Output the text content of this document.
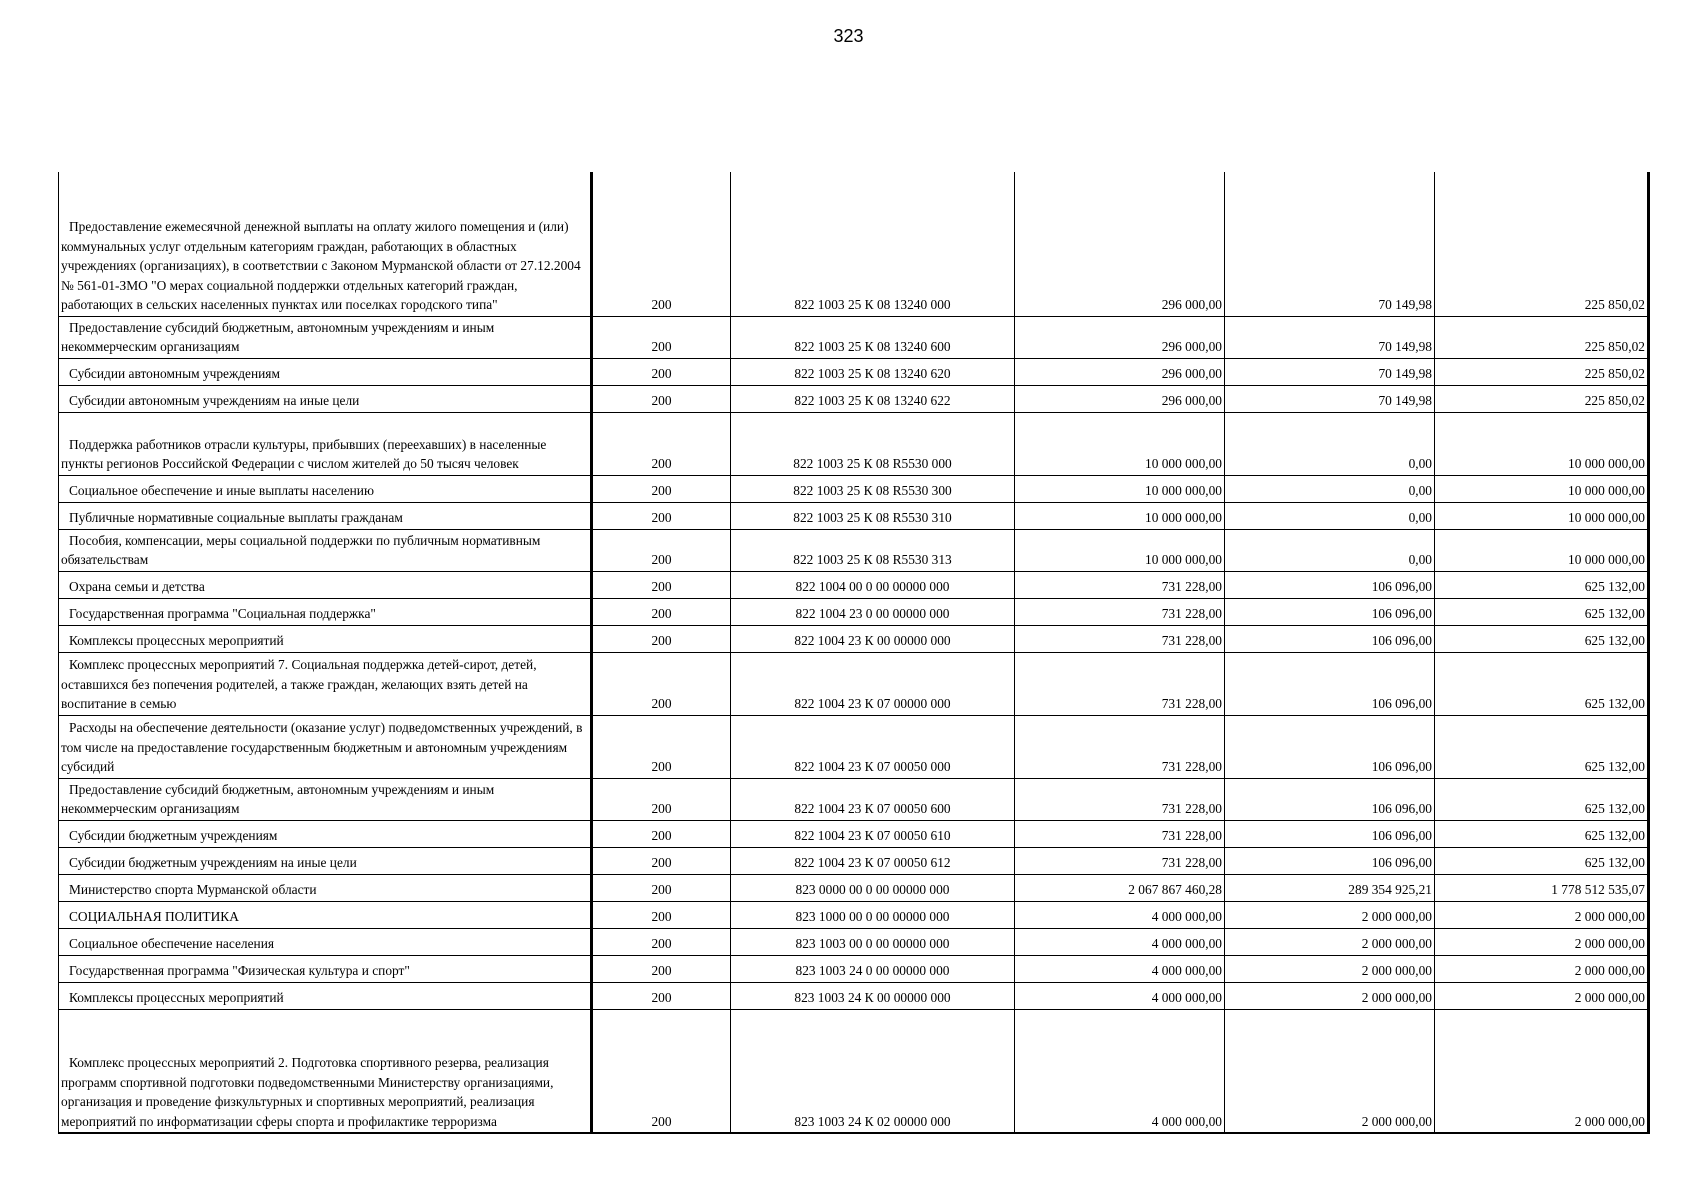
323
Предоставление ежемесячной денежной выплаты на оплату жилого помещения и (или) коммунальных услуг отдельным категориям граждан, работающих в областных учреждениях (организациях), в соответствии с Законом Мурманской области от 27.12.2004 № 561-01-ЗМО "О мерах социальной поддержки отдельных категорий граждан, работающих в сельских населенных пунктах или поселках городского типа"	200	822 1003 25 К 08 13240 000	296 000,00	70 149,98	225 850,02
Предоставление субсидий бюджетным, автономным учреждениям и иным некоммерческим организациям	200	822 1003 25 К 08 13240 600	296 000,00	70 149,98	225 850,02
Субсидии автономным учреждениям	200	822 1003 25 К 08 13240 620	296 000,00	70 149,98	225 850,02
Субсидии автономным учреждениям на иные цели	200	822 1003 25 К 08 13240 622	296 000,00	70 149,98	225 850,02
Поддержка работников отрасли культуры, прибывших (переехавших) в населенные пункты регионов Российской Федерации с числом жителей до 50 тысяч человек	200	822 1003 25 К 08 R5530 000	10 000 000,00	0,00	10 000 000,00
Социальное обеспечение и иные выплаты населению	200	822 1003 25 К 08 R5530 300	10 000 000,00	0,00	10 000 000,00
Публичные нормативные социальные выплаты гражданам	200	822 1003 25 К 08 R5530 310	10 000 000,00	0,00	10 000 000,00
Пособия, компенсации, меры социальной поддержки по публичным нормативным обязательствам	200	822 1003 25 К 08 R5530 313	10 000 000,00	0,00	10 000 000,00
Охрана семьи и детства	200	822 1004 00 0 00 00000 000	731 228,00	106 096,00	625 132,00
Государственная программа "Социальная поддержка"	200	822 1004 23 0 00 00000 000	731 228,00	106 096,00	625 132,00
Комплексы процессных мероприятий	200	822 1004 23 К 00 00000 000	731 228,00	106 096,00	625 132,00
Комплекс процессных мероприятий 7. Социальная поддержка детей-сирот, детей, оставшихся без попечения родителей, а также граждан, желающих взять детей на воспитание в семью	200	822 1004 23 К 07 00000 000	731 228,00	106 096,00	625 132,00
Расходы на обеспечение деятельности (оказание услуг) подведомственных учреждений, в том числе на предоставление государственным бюджетным и автономным учреждениям субсидий	200	822 1004 23 К 07 00050 000	731 228,00	106 096,00	625 132,00
Предоставление субсидий бюджетным, автономным учреждениям и иным некоммерческим организациям	200	822 1004 23 К 07 00050 600	731 228,00	106 096,00	625 132,00
Субсидии бюджетным учреждениям	200	822 1004 23 К 07 00050 610	731 228,00	106 096,00	625 132,00
Субсидии бюджетным учреждениям на иные цели	200	822 1004 23 К 07 00050 612	731 228,00	106 096,00	625 132,00
Министерство спорта Мурманской области	200	823 0000 00 0 00 00000 000	2 067 867 460,28	289 354 925,21	1 778 512 535,07
СОЦИАЛЬНАЯ ПОЛИТИКА	200	823 1000 00 0 00 00000 000	4 000 000,00	2 000 000,00	2 000 000,00
Социальное обеспечение населения	200	823 1003 00 0 00 00000 000	4 000 000,00	2 000 000,00	2 000 000,00
Государственная программа "Физическая культура и спорт"	200	823 1003 24 0 00 00000 000	4 000 000,00	2 000 000,00	2 000 000,00
Комплексы процессных мероприятий	200	823 1003 24 К 00 00000 000	4 000 000,00	2 000 000,00	2 000 000,00
Комплекс процессных мероприятий 2. Подготовка спортивного резерва, реализация программ спортивной подготовки подведомственными Министерству организациями, организация и проведение физкультурных и спортивных мероприятий, реализация мероприятий по информатизации сферы спорта и профилактике терроризма	200	823 1003 24 К 02 00000 000	4 000 000,00	2 000 000,00	2 000 000,00
